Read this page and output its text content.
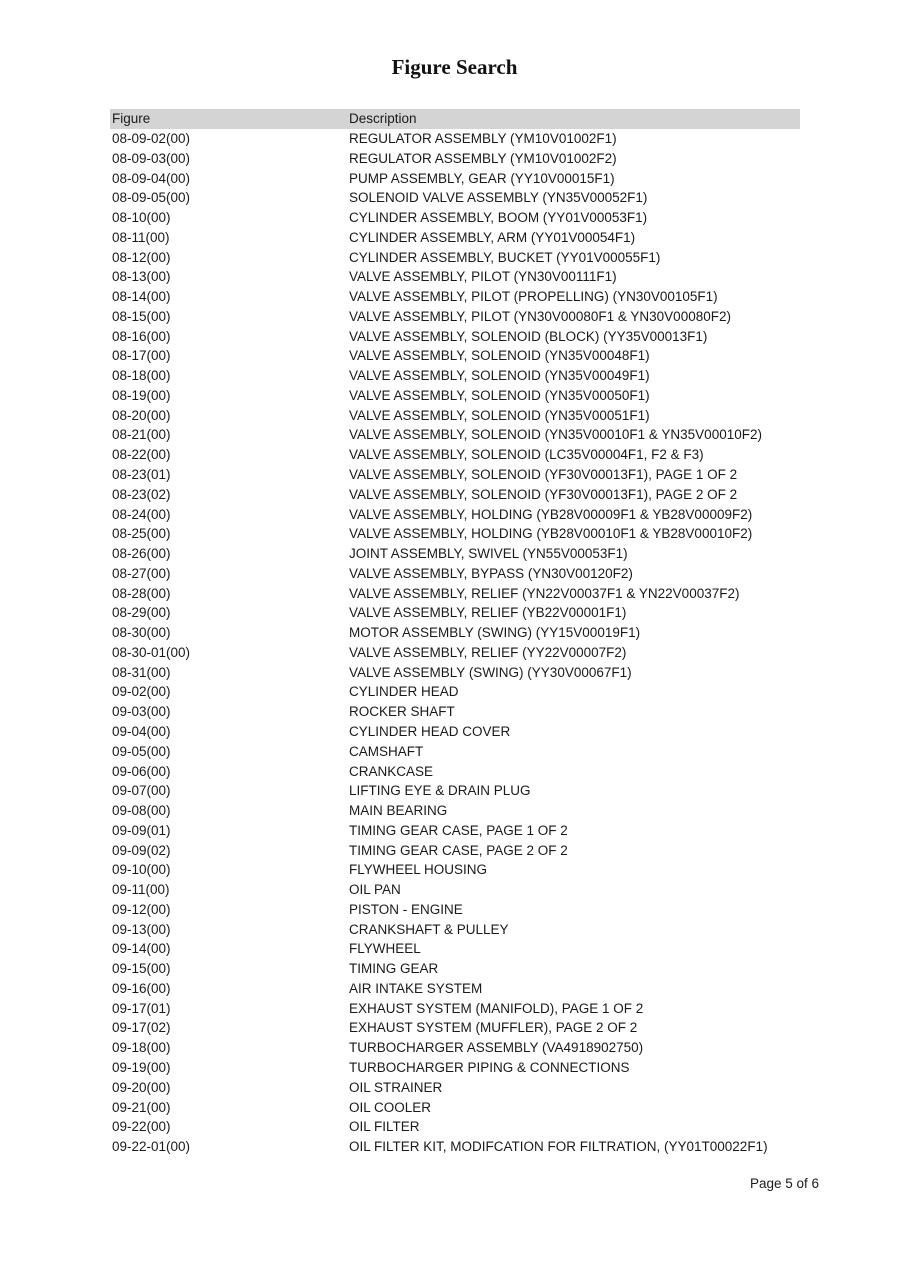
Figure Search
Figure	Description
08-09-02(00)	REGULATOR ASSEMBLY (YM10V01002F1)
08-09-03(00)	REGULATOR ASSEMBLY (YM10V01002F2)
08-09-04(00)	PUMP ASSEMBLY, GEAR (YY10V00015F1)
08-09-05(00)	SOLENOID VALVE ASSEMBLY (YN35V00052F1)
08-10(00)	CYLINDER ASSEMBLY, BOOM (YY01V00053F1)
08-11(00)	CYLINDER ASSEMBLY, ARM (YY01V00054F1)
08-12(00)	CYLINDER ASSEMBLY, BUCKET (YY01V00055F1)
08-13(00)	VALVE ASSEMBLY, PILOT (YN30V00111F1)
08-14(00)	VALVE ASSEMBLY, PILOT (PROPELLING) (YN30V00105F1)
08-15(00)	VALVE ASSEMBLY, PILOT (YN30V00080F1 & YN30V00080F2)
08-16(00)	VALVE ASSEMBLY, SOLENOID (BLOCK) (YY35V00013F1)
08-17(00)	VALVE ASSEMBLY, SOLENOID (YN35V00048F1)
08-18(00)	VALVE ASSEMBLY, SOLENOID (YN35V00049F1)
08-19(00)	VALVE ASSEMBLY, SOLENOID (YN35V00050F1)
08-20(00)	VALVE ASSEMBLY, SOLENOID (YN35V00051F1)
08-21(00)	VALVE ASSEMBLY, SOLENOID (YN35V00010F1 & YN35V00010F2)
08-22(00)	VALVE ASSEMBLY, SOLENOID (LC35V00004F1, F2 & F3)
08-23(01)	VALVE ASSEMBLY, SOLENOID (YF30V00013F1), PAGE 1 OF 2
08-23(02)	VALVE ASSEMBLY, SOLENOID (YF30V00013F1), PAGE 2 OF 2
08-24(00)	VALVE ASSEMBLY, HOLDING (YB28V00009F1 & YB28V00009F2)
08-25(00)	VALVE ASSEMBLY, HOLDING (YB28V00010F1 & YB28V00010F2)
08-26(00)	JOINT ASSEMBLY, SWIVEL (YN55V00053F1)
08-27(00)	VALVE ASSEMBLY, BYPASS (YN30V00120F2)
08-28(00)	VALVE ASSEMBLY, RELIEF (YN22V00037F1 & YN22V00037F2)
08-29(00)	VALVE ASSEMBLY, RELIEF (YB22V00001F1)
08-30(00)	MOTOR ASSEMBLY (SWING) (YY15V00019F1)
08-30-01(00)	VALVE ASSEMBLY, RELIEF (YY22V00007F2)
08-31(00)	VALVE ASSEMBLY (SWING) (YY30V00067F1)
09-02(00)	CYLINDER HEAD
09-03(00)	ROCKER SHAFT
09-04(00)	CYLINDER HEAD COVER
09-05(00)	CAMSHAFT
09-06(00)	CRANKCASE
09-07(00)	LIFTING EYE & DRAIN PLUG
09-08(00)	MAIN BEARING
09-09(01)	TIMING GEAR CASE, PAGE 1 OF 2
09-09(02)	TIMING GEAR CASE, PAGE 2 OF 2
09-10(00)	FLYWHEEL HOUSING
09-11(00)	OIL PAN
09-12(00)	PISTON - ENGINE
09-13(00)	CRANKSHAFT & PULLEY
09-14(00)	FLYWHEEL
09-15(00)	TIMING GEAR
09-16(00)	AIR INTAKE SYSTEM
09-17(01)	EXHAUST SYSTEM (MANIFOLD), PAGE 1 OF 2
09-17(02)	EXHAUST SYSTEM (MUFFLER), PAGE 2 OF 2
09-18(00)	TURBOCHARGER ASSEMBLY (VA4918902750)
09-19(00)	TURBOCHARGER PIPING & CONNECTIONS
09-20(00)	OIL STRAINER
09-21(00)	OIL COOLER
09-22(00)	OIL FILTER
09-22-01(00)	OIL FILTER KIT, MODIFCATION FOR FILTRATION, (YY01T00022F1)
Page 5 of 6
